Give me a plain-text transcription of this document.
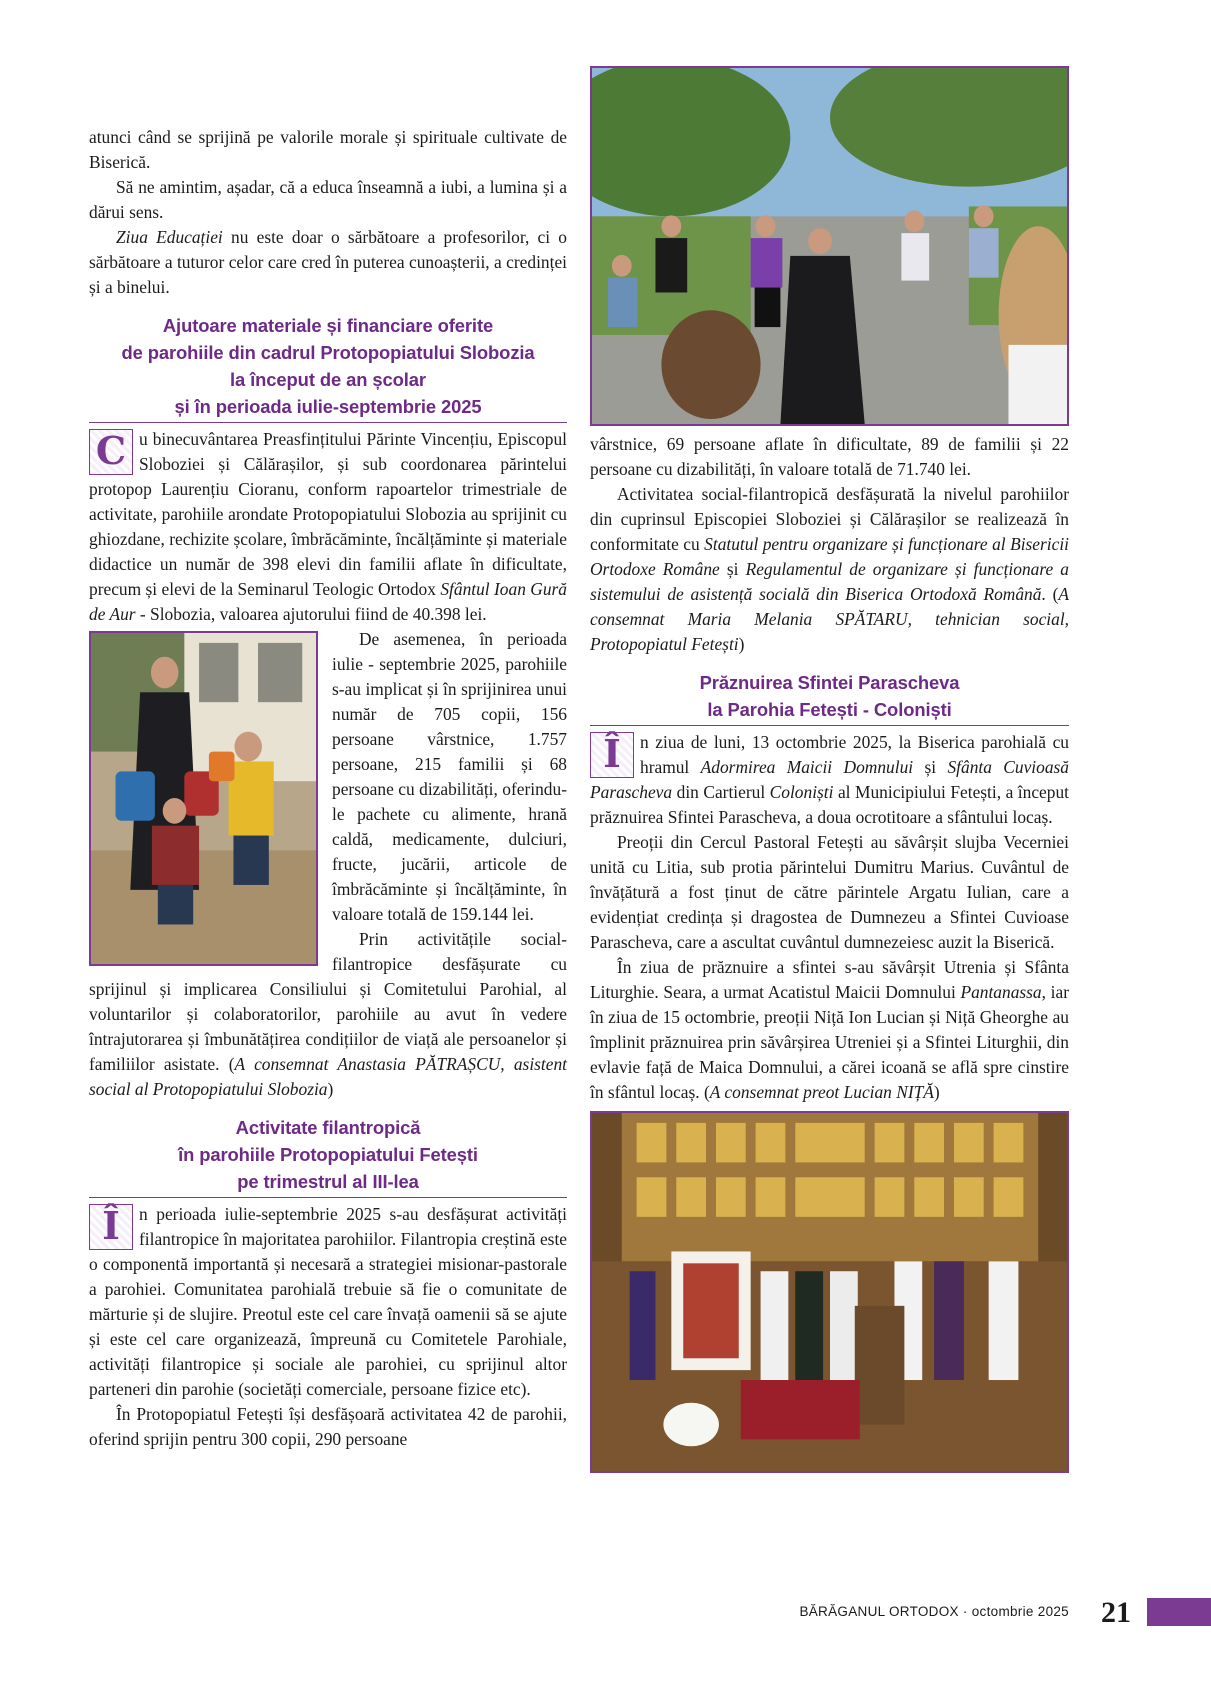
atunci când se sprijină pe valorile morale și spirituale cultivate de Biserică.

Să ne amintim, așadar, că a educa înseamnă a iubi, a lumina și a dărui sens.

Ziua Educației nu este doar o sărbătoare a profesorilor, ci o sărbătoare a tuturor celor care cred în puterea cunoașterii, a credinței și a binelui.

Ajutoare materiale și financiare oferite
de parohiile din cadrul Protopopiatului Slobozia
la început de an școlar
și în perioada iulie-septembrie 2025

C u binecuvântarea Preasfințitului Părinte Vincențiu, Episcopul Sloboziei și Călărașilor, și sub coordonarea părintelui protopop Laurențiu Cioranu, conform rapoartelor trimestriale de activitate, parohiile arondate Protopopiatului Slobozia au sprijinit cu ghiozdane, rechizite școlare, îmbrăcăminte, încălțăminte și materiale didactice un număr de 398 elevi din familii aflate în dificultate, precum și elevi de la Seminarul Teologic Ortodox Sfântul Ioan Gură de Aur - Slobozia, valoarea ajutorului fiind de 40.398 lei.

De asemenea, în perioada iulie - septembrie 2025, parohiile s-au implicat și în sprijinirea unui număr de 705 copii, 156 persoane vârstnice, 1.757 persoane, 215 familii și 68 persoane cu dizabilități, oferindu-le pachete cu alimente, hrană caldă, medicamente, dulciuri, fructe, jucării, articole de îmbrăcăminte și încălțăminte, în valoare totală de 159.144 lei.

Prin activitățile social-filantropice desfășurate cu sprijinul și implicarea Consiliului și Comitetului Parohial, al voluntarilor și colaboratorilor, parohiile au avut în vedere întrajutorarea și îmbunătățirea condițiilor de viață ale persoanelor și familiilor asistate. (A consemnat Anastasia PĂTRAȘCU, asistent social al Protopopiatului Slobozia)

Activitate filantropică
în parohiile Protopopiatului Fetești
pe trimestrul al III-lea

Î	n perioada iulie-septembrie 2025 s-au desfășurat activități filantropice în majoritatea parohiilor. Filantropia creștină este o componentă importantă și necesară a strategiei misionar-pastorale a parohiei. Comunitatea parohială trebuie să fie o comunitate de mărturie și de slujire. Preotul este cel care învață oamenii să se ajute și este cel care organizează, împreună cu Comitetele Parohiale, activități filantropice și sociale ale parohiei, cu sprijinul altor parteneri din parohie (societăți comerciale, persoane fizice etc).

În Protopopiatul Fetești își desfășoară activitatea 42 de parohii, oferind sprijin pentru 300 copii, 290 persoane

vârstnice, 69 persoane aflate în dificultate, 89 de familii și 22 persoane cu dizabilități, în valoare totală de 71.740 lei.

Activitatea social-filantropică desfășurată la nivelul parohiilor din cuprinsul Episcopiei Sloboziei și Călărașilor se realizează în conformitate cu Statutul pentru organizare și funcționare al Bisericii Ortodoxe Române și Regulamentul de organizare și funcționare a sistemului de asistență socială din Biserica Ortodoxă Română. (A consemnat Maria Melania SPĂTARU, tehnician social, Protopopiatul Fetești)

Prăznuirea Sfintei Parascheva
la Parohia Fetești - Coloniști

Î	n ziua de luni, 13 octombrie 2025, la Biserica parohială cu hramul Adormirea Maicii Domnului și Sfânta Cuvioasă Parascheva din Cartierul Coloniști al Municipiului Fetești, a început prăznuirea Sfintei Parascheva, a doua ocrotitoare a sfântului locaș.

Preoții din Cercul Pastoral Fetești au săvârșit slujba Vecerniei unită cu Litia, sub protia părintelui Dumitru Marius. Cuvântul de învățătură a fost ținut de către părintele Argatu Iulian, care a evidențiat credința și dragostea de Dumnezeu a Sfintei Cuvioase Parascheva, care a ascultat cuvântul dumnezeiesc auzit la Biserică.

În ziua de prăznuire a sfintei s-au săvârșit Utrenia și Sfânta Liturghie. Seara, a urmat Acatistul Maicii Domnului Pantanassa, iar în ziua de 15 octombrie, preoții Niță Ion Lucian și Niță Gheorghe au împlinit prăznuirea prin săvârșirea Utreniei și a Sfintei Liturghii, din evlavie față de Maica Domnului, a cărei icoană se află spre cinstire în sfântul locaș. (A consemnat preot Lucian NIȚĂ)

BĂRĂGANUL ORTODOX · octombrie 2025 21
